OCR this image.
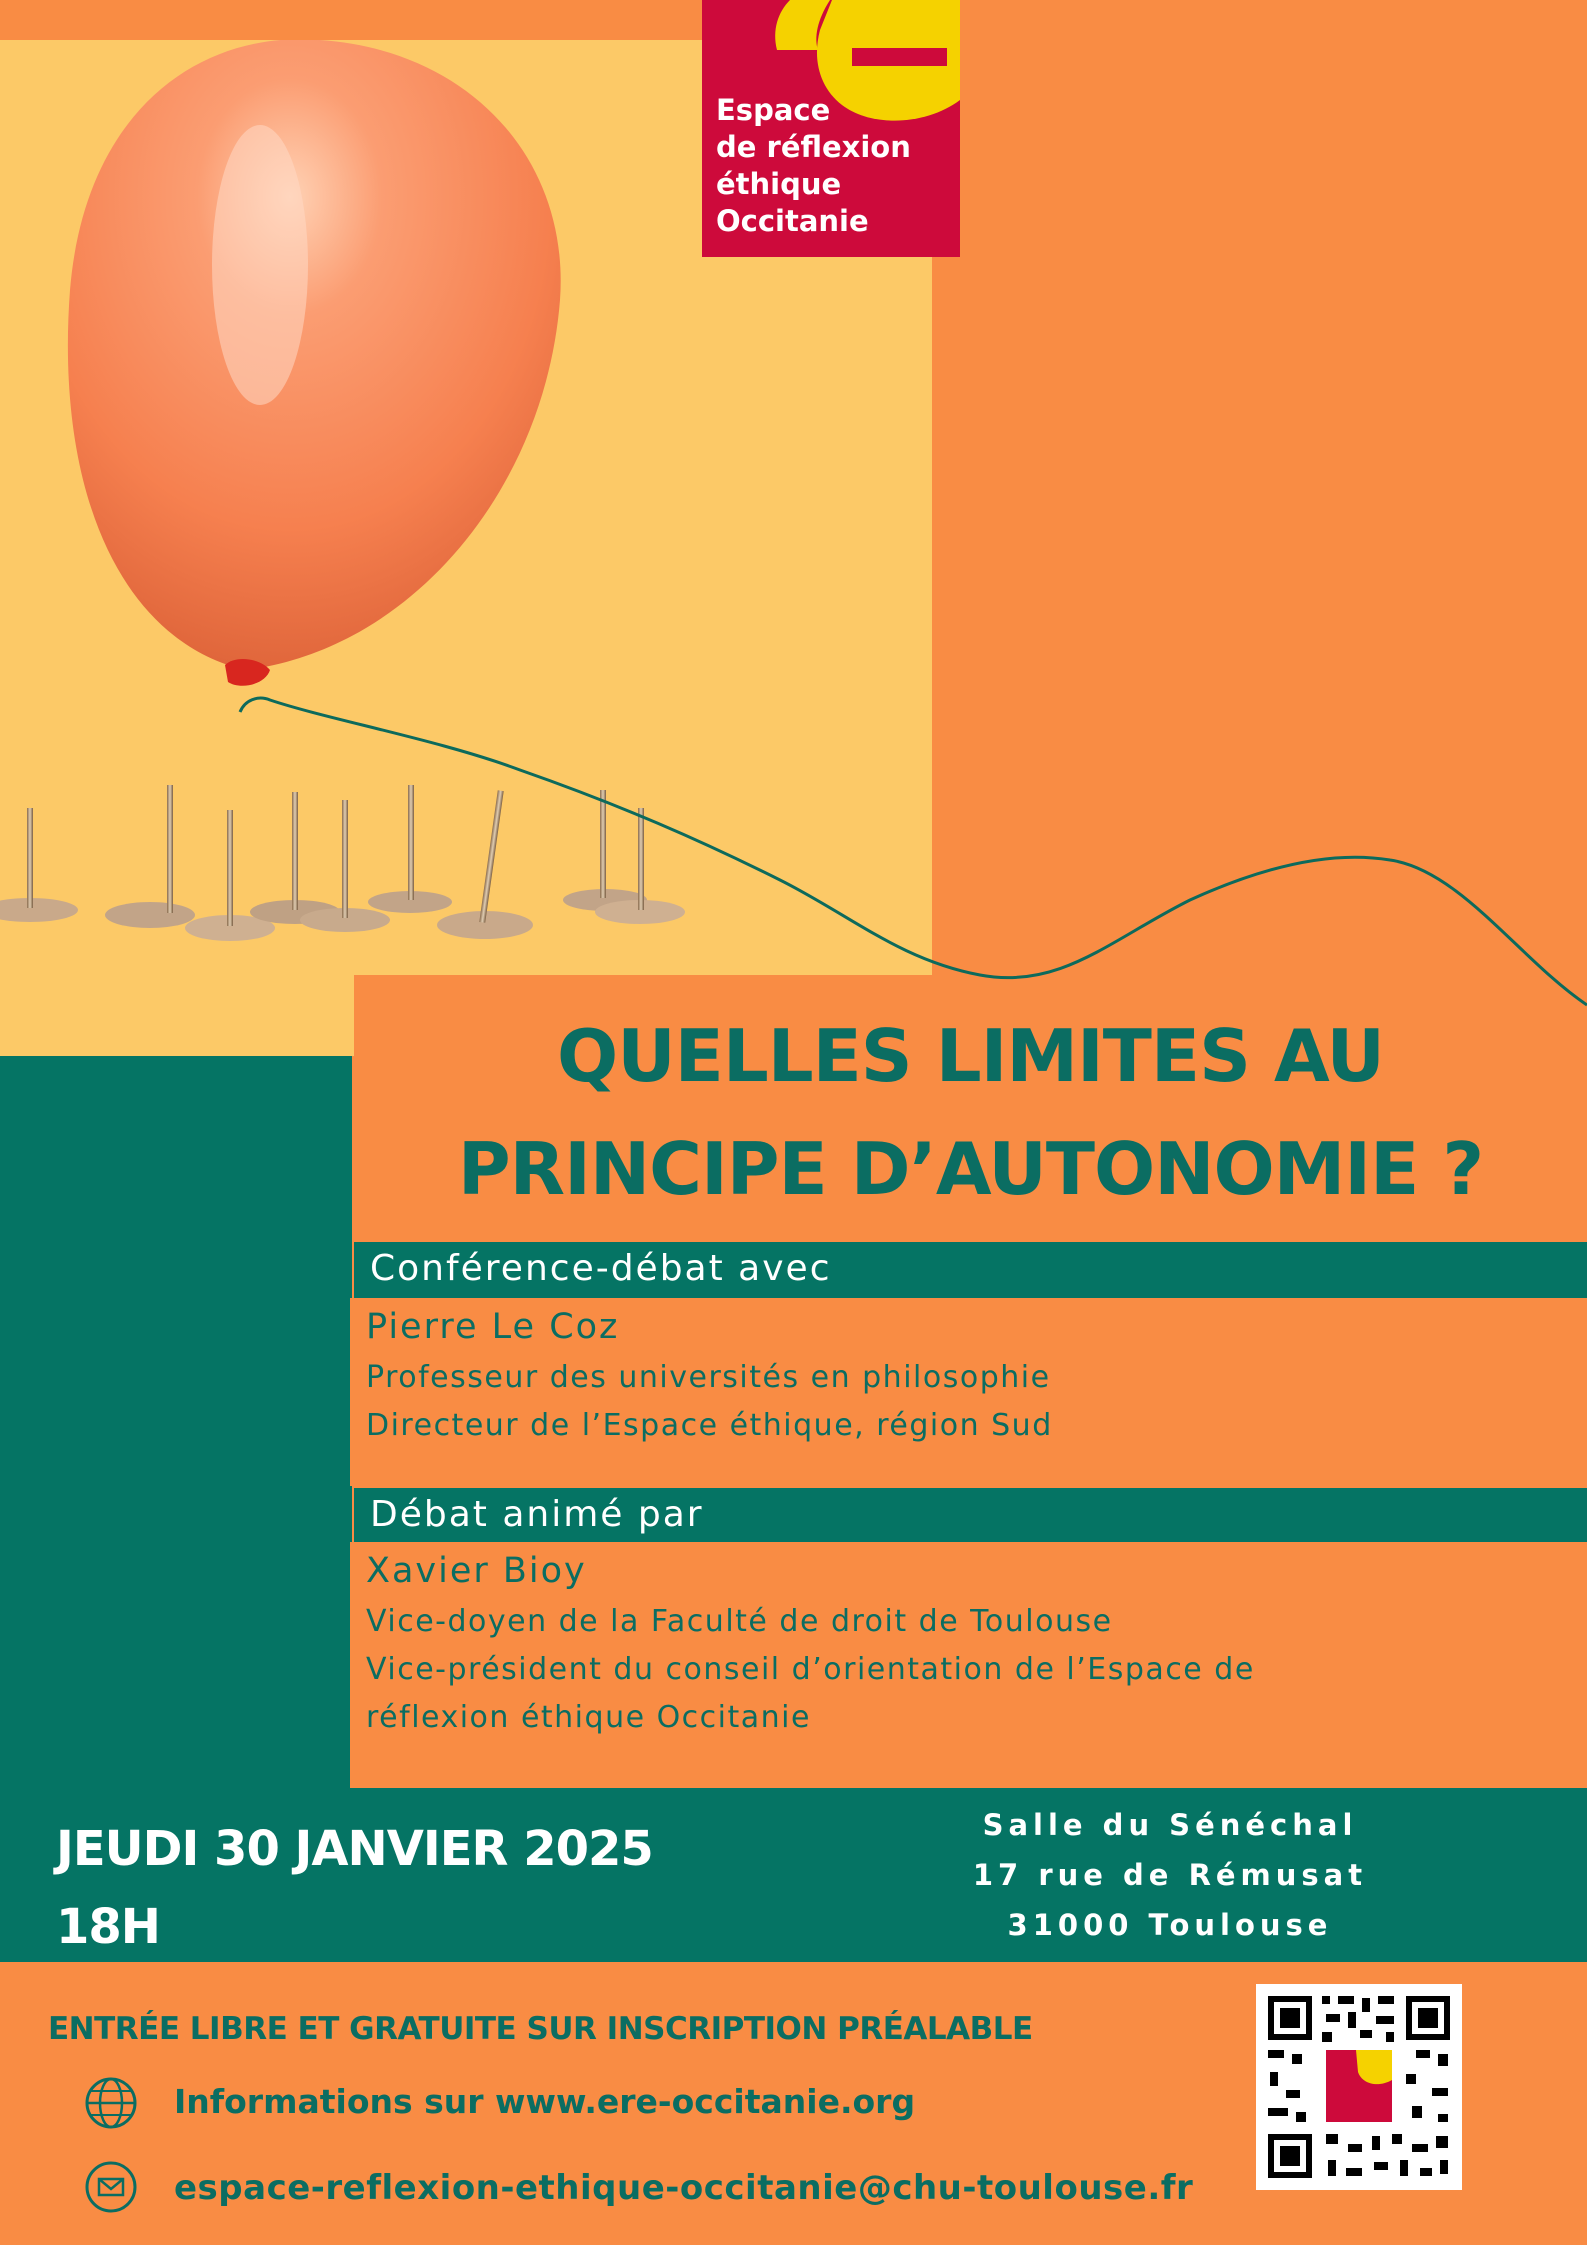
Espace
de réflexion
éthique
Occitanie
QUELLES LIMITES AU
PRINCIPE D’AUTONOMIE ?
Conférence-débat avec
Pierre Le Coz
Professeur des universités en philosophie
Directeur de l’Espace éthique, région Sud
Débat animé par
Xavier Bioy
Vice-doyen de la Faculté de droit de Toulouse
Vice-président du conseil d’orientation de l’Espace de
réflexion éthique Occitanie
JEUDI 30 JANVIER 2025
18H
Salle du Sénéchal
17 rue de Rémusat
31000 Toulouse
ENTRÉE LIBRE ET GRATUITE SUR INSCRIPTION PRÉALABLE
Informations sur www.ere-occitanie.org
espace-reflexion-ethique-occitanie@chu-toulouse.fr
